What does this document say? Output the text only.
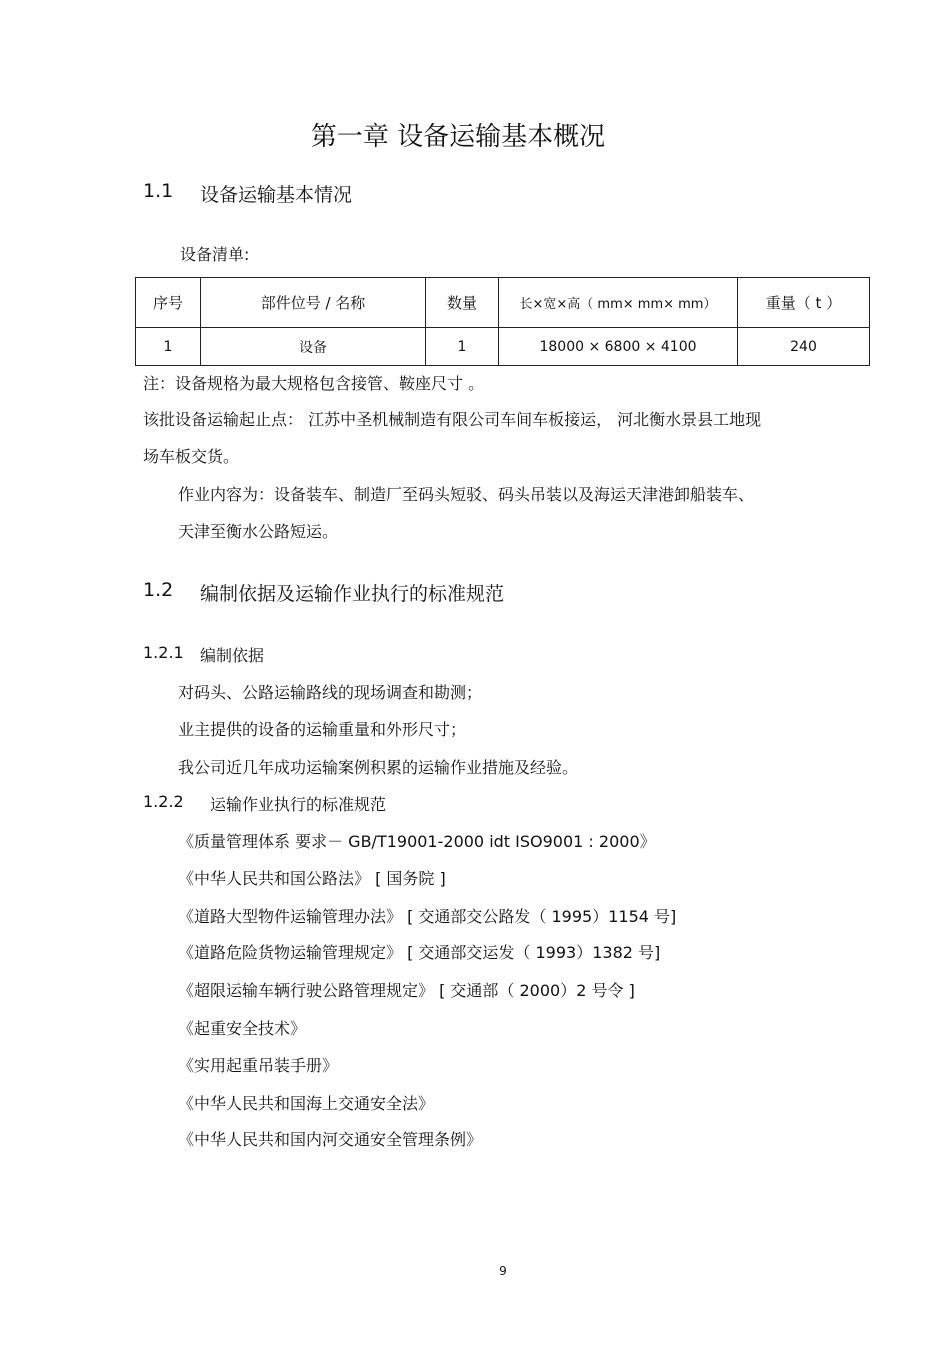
第一章 设备运输基本概况
1.1 设备运输基本情况
设备清单:
序号	部件位号 / 名称	数量	长×宽×高（ mm× mm× mm）	重量（ t ）
1	设备	1	18000 × 6800 × 4100	240
注：设备规格为最大规格包含接管、鞍座尺寸 。
该批设备运输起止点： 江苏中圣机械制造有限公司车间车板接运， 河北衡水景县工地现
场车板交货。
作业内容为：设备装车、制造厂至码头短驳、码头吊装以及海运天津港卸船装车、
天津至衡水公路短运。
1.2 编制依据及运输作业执行的标准规范
1.2.1 编制依据
对码头、公路运输路线的现场调查和勘测；
业主提供的设备的运输重量和外形尺寸；
我公司近几年成功运输案例积累的运输作业措施及经验。
1.2.2 运输作业执行的标准规范
《质量管理体系 要求－ GB/T19001-2000 idt ISO9001 : 2000》
《中华人民共和国公路法》 [ 国务院 ]
《道路大型物件运输管理办法》 [ 交通部交公路发（ 1995）1154 号]
《道路危险货物运输管理规定》 [ 交通部交运发（ 1993）1382 号]
《超限运输车辆行驶公路管理规定》 [ 交通部（ 2000）2 号令 ]
《起重安全技术》
《实用起重吊装手册》
《中华人民共和国海上交通安全法》
《中华人民共和国内河交通安全管理条例》
9
